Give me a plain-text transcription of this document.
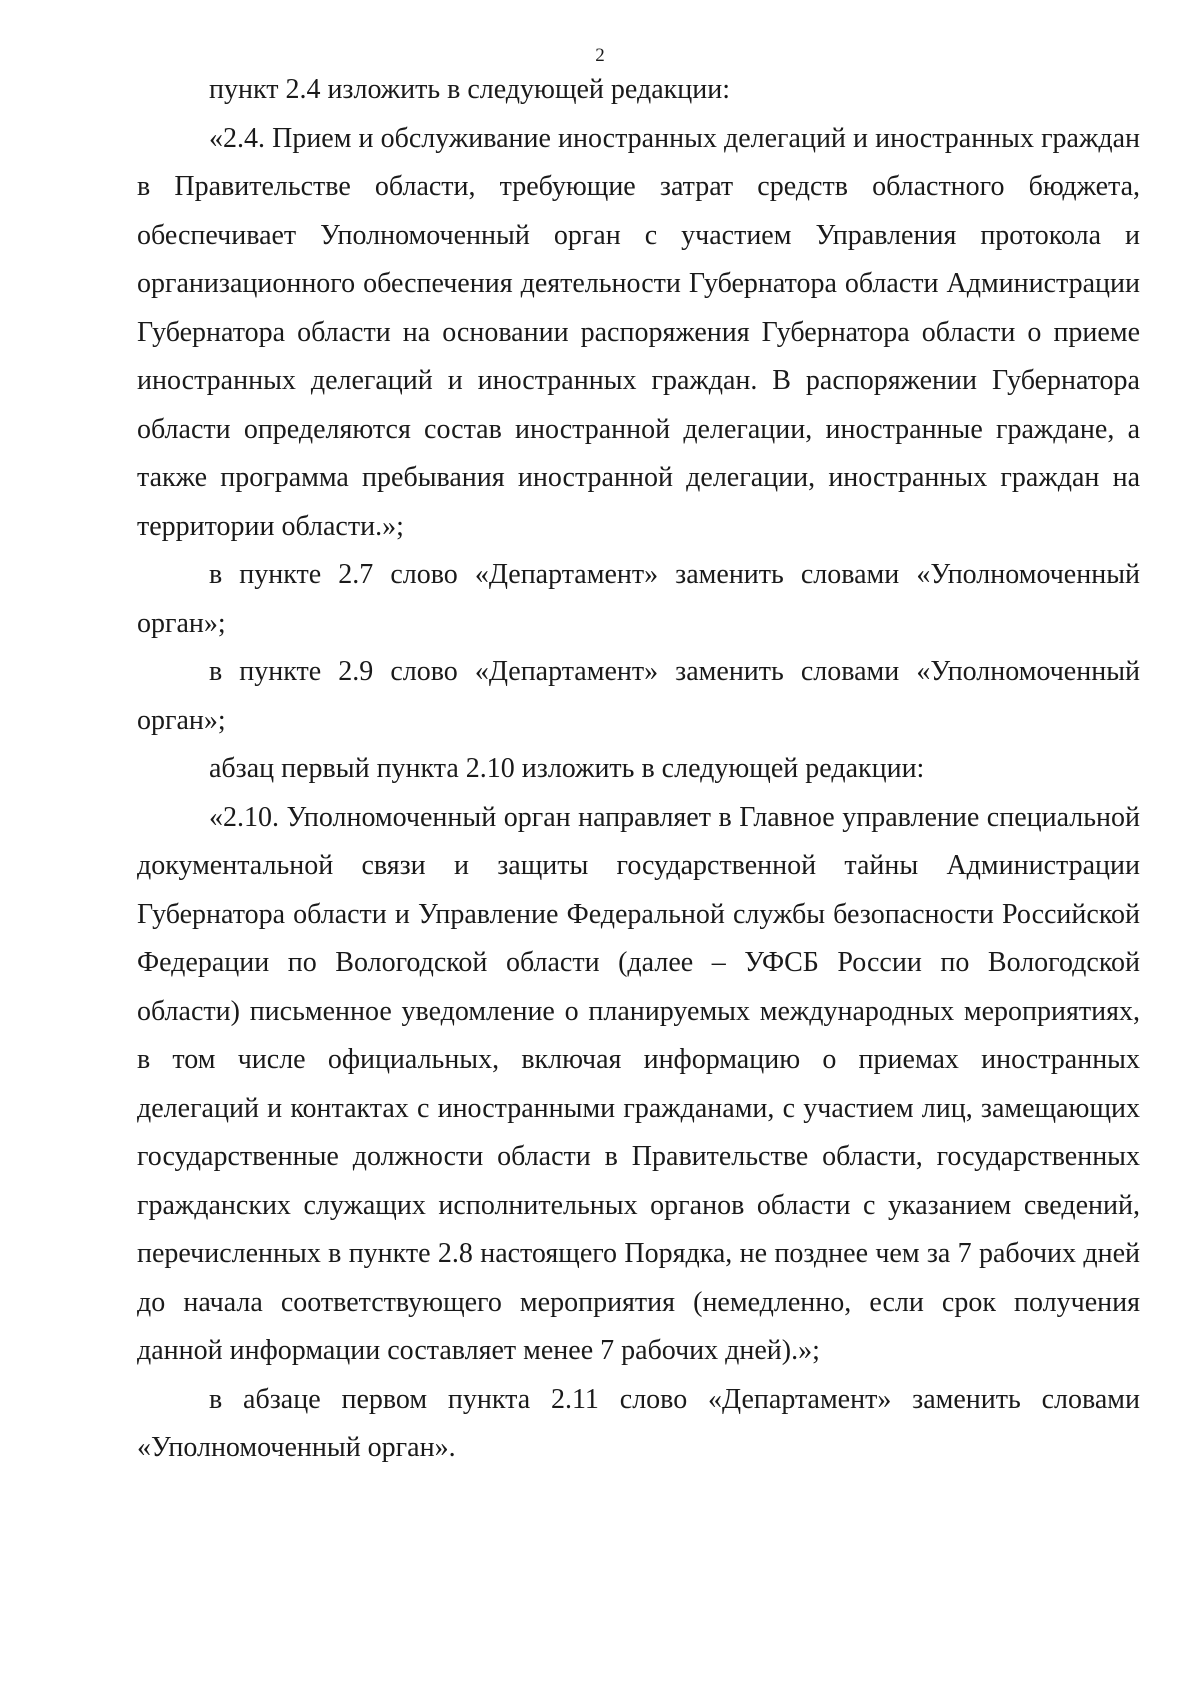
2

пункт 2.4 изложить в следующей редакции:

«2.4. Прием и обслуживание иностранных делегаций и иностранных граждан в Правительстве области, требующие затрат средств областного бюджета, обеспечивает Уполномоченный орган с участием Управления протокола и организационного обеспечения деятельности Губернатора области Администрации Губернатора области на основании распоряжения Губернатора области о приеме иностранных делегаций и иностранных граждан. В распоряжении Губернатора области определяются состав иностранной делегации, иностранные граждане, а также программа пребывания иностранной делегации, иностранных граждан на территории области.»;

в пункте 2.7 слово «Департамент» заменить словами «Уполномоченный орган»;

в пункте 2.9 слово «Департамент» заменить словами «Уполномоченный орган»;

абзац первый пункта 2.10 изложить в следующей редакции:

«2.10. Уполномоченный орган направляет в Главное управление специальной документальной связи и защиты государственной тайны Администрации Губернатора области и Управление Федеральной службы безопасности Российской Федерации по Вологодской области (далее – УФСБ России по Вологодской области) письменное уведомление о планируемых международных мероприятиях, в том числе официальных, включая информацию о приемах иностранных делегаций и контактах с иностранными гражданами, с участием лиц, замещающих государственные должности области в Правительстве области, государственных гражданских служащих исполнительных органов области с указанием сведений, перечисленных в пункте 2.8 настоящего Порядка, не позднее чем за 7 рабочих дней до начала соответствующего мероприятия (немедленно, если срок получения данной информации составляет менее 7 рабочих дней).»;

в абзаце первом пункта 2.11 слово «Департамент» заменить словами «Уполномоченный орган».
